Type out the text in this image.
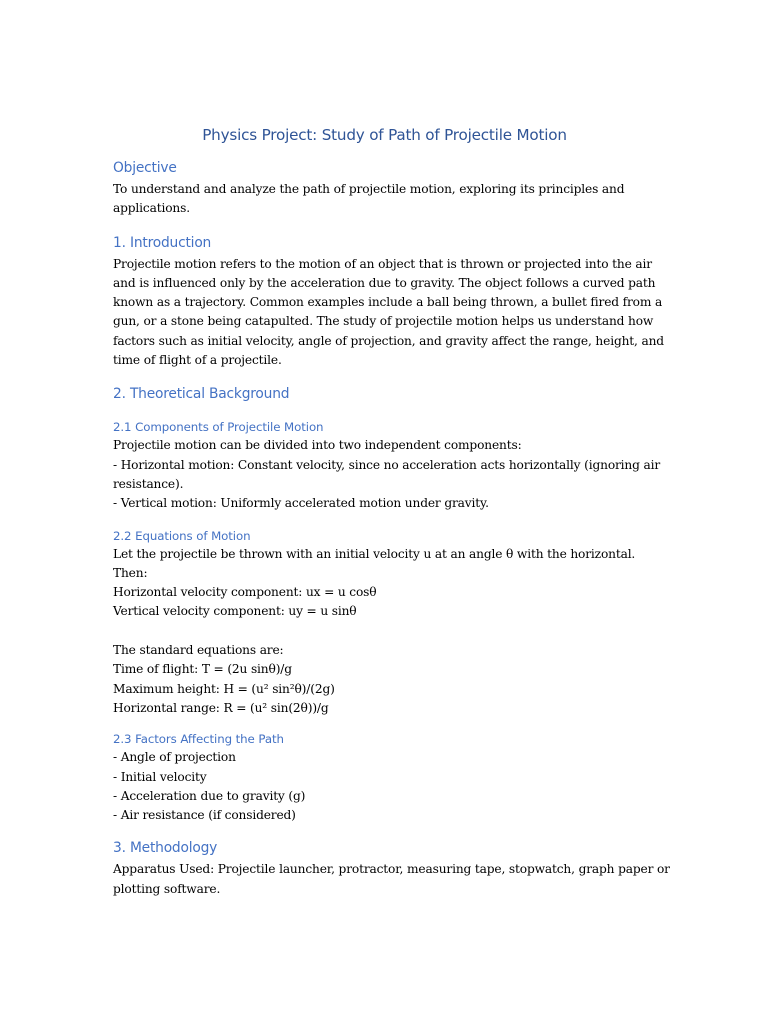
Physics Project: Study of Path of Projectile Motion
Objective
To understand and analyze the path of projectile motion, exploring its principles and
applications.
1. Introduction
Projectile motion refers to the motion of an object that is thrown or projected into the air
and is influenced only by the acceleration due to gravity. The object follows a curved path
known as a trajectory. Common examples include a ball being thrown, a bullet fired from a
gun, or a stone being catapulted. The study of projectile motion helps us understand how
factors such as initial velocity, angle of projection, and gravity affect the range, height, and
time of flight of a projectile.
2. Theoretical Background
2.1 Components of Projectile Motion
Projectile motion can be divided into two independent components:
- Horizontal motion: Constant velocity, since no acceleration acts horizontally (ignoring air
resistance).
- Vertical motion: Uniformly accelerated motion under gravity.
2.2 Equations of Motion
Let the projectile be thrown with an initial velocity u at an angle θ with the horizontal.
Then:
Horizontal velocity component: ux = u cosθ
Vertical velocity component: uy = u sinθ
The standard equations are:
Time of flight: T = (2u sinθ)/g
Maximum height: H = (u² sin²θ)/(2g)
Horizontal range: R = (u² sin(2θ))/g
2.3 Factors Affecting the Path
- Angle of projection
- Initial velocity
- Acceleration due to gravity (g)
- Air resistance (if considered)
3. Methodology
Apparatus Used: Projectile launcher, protractor, measuring tape, stopwatch, graph paper or
plotting software.
